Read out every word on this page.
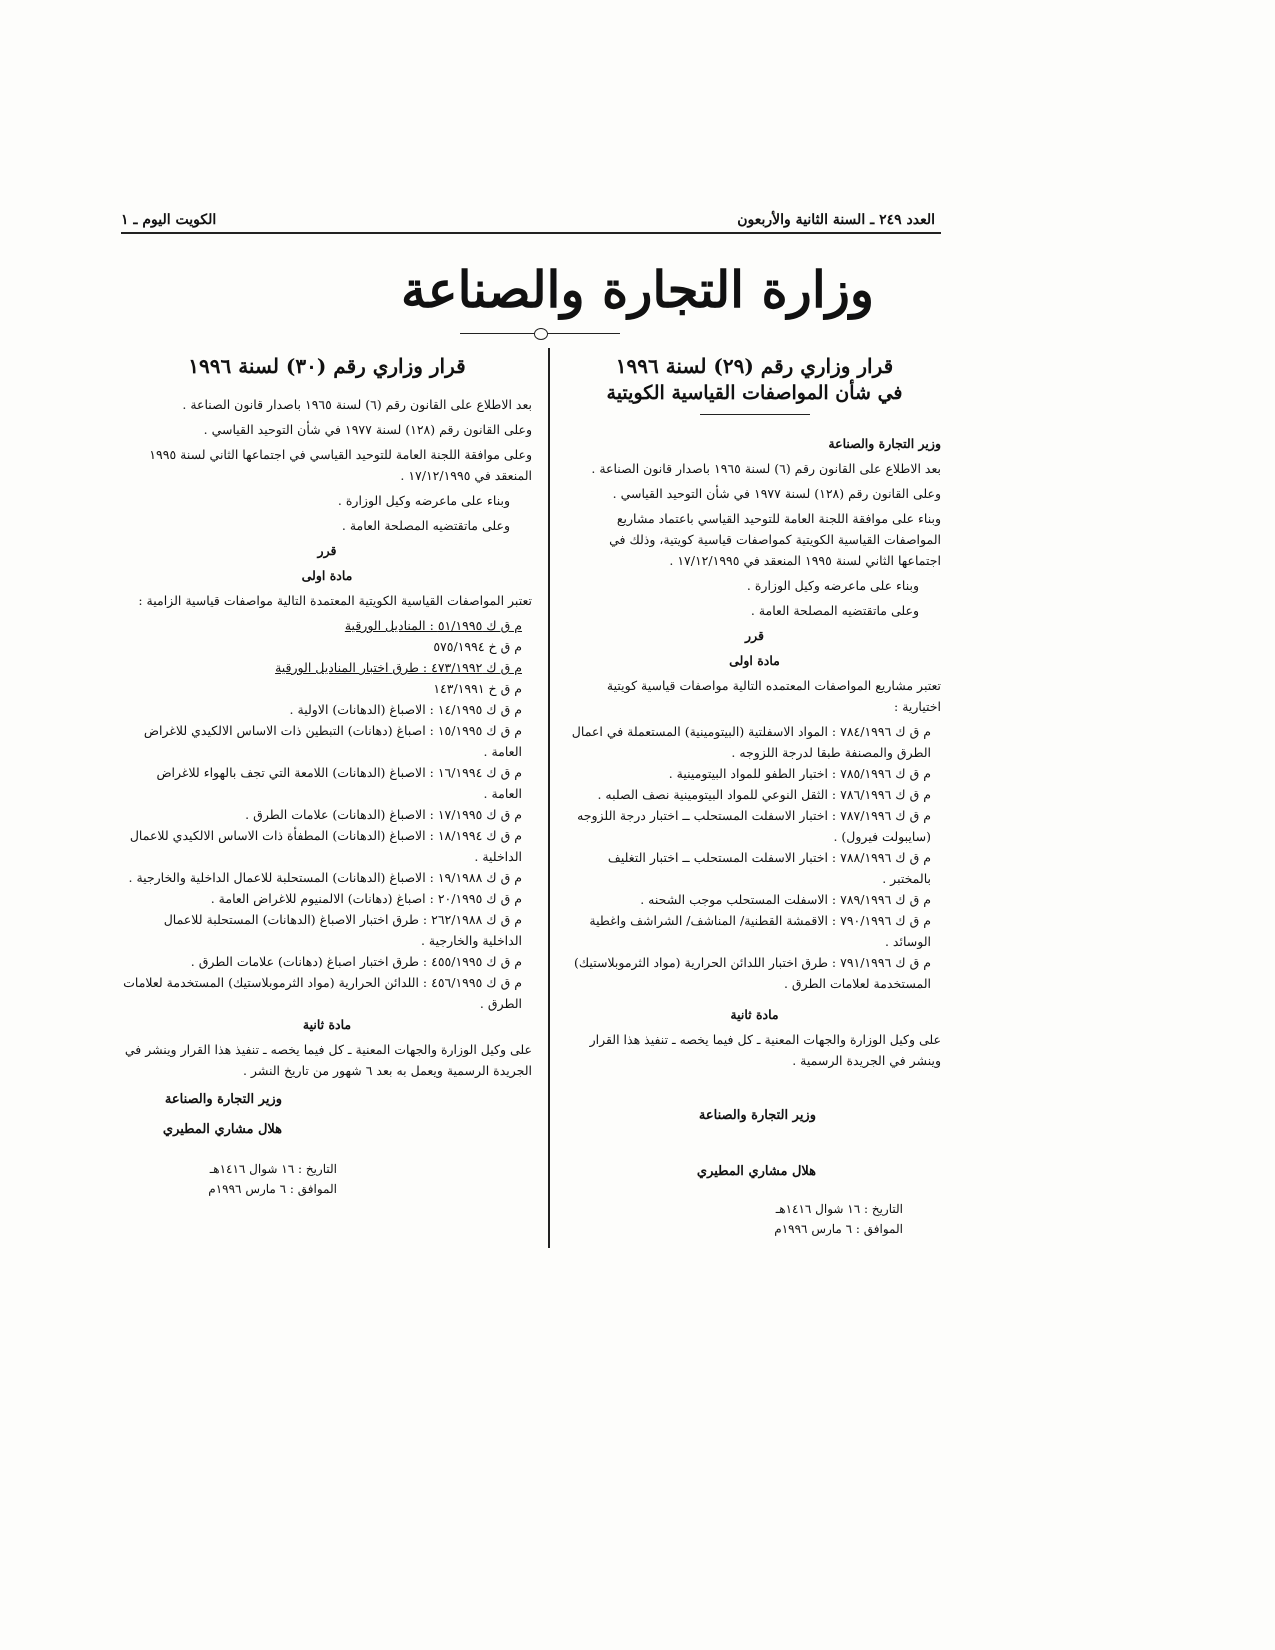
العدد ٢٤٩ ـ السنة الثانية والأربعون
الكويت اليوم ـ ١
وزارة التجارة والصناعة

قرار وزاري رقم (٢٩) لسنة ١٩٩٦

في شأن المواصفات القياسية الكويتية

وزير التجارة والصناعة

بعد الاطلاع على القانون رقم (٦) لسنة ١٩٦٥ باصدار قانون الصناعة .

وعلى القانون رقم (١٢٨) لسنة ١٩٧٧ في شأن التوحيد القياسي .

وبناء على موافقة اللجنة العامة للتوحيد القياسي باعتماد مشاريع المواصفات القياسية الكويتية كمواصفات قياسية كويتية، وذلك في اجتماعها الثاني لسنة ١٩٩٥ المنعقد في ١٧/١٢/١٩٩٥ .

وبناء على ماعرضه وكيل الوزارة .

وعلى ماتقتضيه المصلحة العامة .

قرر

مادة اولى

تعتبر مشاريع المواصفات المعتمده التالية مواصفات قياسية كويتية اختيارية :

م ق ك ٧٨٤/١٩٩٦ : المواد الاسفلتية (البيتومينية) المستعملة في اعمال الطرق والمصنفة طبقا لدرجة اللزوجه .

م ق ك ٧٨٥/١٩٩٦ : اختبار الطفو للمواد البيتومينية .

م ق ك ٧٨٦/١٩٩٦ : الثقل النوعي للمواد البيتومينية نصف الصلبه .

م ق ك ٧٨٧/١٩٩٦ : اختبار الاسفلت المستحلب ــ اختبار درجة اللزوجه (سايبولت فيرول) .

م ق ك ٧٨٨/١٩٩٦ : اختبار الاسفلت المستحلب ــ اختبار التغليف بالمختبر .

م ق ك ٧٨٩/١٩٩٦ : الاسفلت المستحلب موجب الشحنه .

م ق ك ٧٩٠/١٩٩٦ : الاقمشة القطنية/ المناشف/ الشراشف واغطية الوسائد .

م ق ك ٧٩١/١٩٩٦ : طرق اختبار اللدائن الحرارية (مواد الثرموبلاستيك) المستخدمة لعلامات الطرق .

مادة ثانية

على وكيل الوزارة والجهات المعنية ـ كل فيما يخصه ـ تنفيذ هذا القرار وينشر في الجريدة الرسمية .

وزير التجارة والصناعة

هلال مشاري المطيري

التاريخ : ١٦ شوال ١٤١٦هـ

الموافق : ٦ مارس ١٩٩٦م

قرار وزاري رقم (٣٠) لسنة ١٩٩٦

بعد الاطلاع على القانون رقم (٦) لسنة ١٩٦٥ باصدار قانون الصناعة .

وعلى القانون رقم (١٢٨) لسنة ١٩٧٧ في شأن التوحيد القياسي .

وعلى موافقة اللجنة العامة للتوحيد القياسي في اجتماعها الثاني لسنة ١٩٩٥ المنعقد في ١٧/١٢/١٩٩٥ .

وبناء على ماعرضه وكيل الوزارة .

وعلى ماتقتضيه المصلحة العامة .

قرر

مادة اولى

تعتبر المواصفات القياسية الكويتية المعتمدة التالية مواصفات قياسية الزامية :

م ق ك ٥١/١٩٩٥ : المناديل الورقية

م ق خ ٥٧٥/١٩٩٤

م ق ك ٤٧٣/١٩٩٢ : طرق اختبار المناديل الورقية

م ق خ ١٤٣/١٩٩١

م ق ك ١٤/١٩٩٥ : الاصباغ (الدهانات) الاولية .

م ق ك ١٥/١٩٩٥ : اصباغ (دهانات) التبطين ذات الاساس الالكيدي للاغراض العامة .

م ق ك ١٦/١٩٩٤ : الاصباغ (الدهانات) اللامعة التي تجف بالهواء للاغراض العامة .

م ق ك ١٧/١٩٩٥ : الاصباغ (الدهانات) علامات الطرق .

م ق ك ١٨/١٩٩٤ : الاصباغ (الدهانات) المطفأة ذات الاساس الالكيدي للاعمال الداخلية .

م ق ك ١٩/١٩٨٨ : الاصباغ (الدهانات) المستحلبة للاعمال الداخلية والخارجية .

م ق ك ٢٠/١٩٩٥ : اصباغ (دهانات) الالمنيوم للاغراض العامة .

م ق ك ٢٦٢/١٩٨٨ : طرق اختبار الاصباغ (الدهانات) المستحلبة للاعمال الداخلية والخارجية .

م ق ك ٤٥٥/١٩٩٥ : طرق اختبار اصباغ (دهانات) علامات الطرق .

م ق ك ٤٥٦/١٩٩٥ : اللدائن الحرارية (مواد الثرموبلاستيك) المستخدمة لعلامات الطرق .

مادة ثانية

على وكيل الوزارة والجهات المعنية ـ كل فيما يخصه ـ تنفيذ هذا القرار وينشر في الجريدة الرسمية ويعمل به بعد ٦ شهور من تاريخ النشر .

وزير التجارة والصناعة

هلال مشاري المطيري

التاريخ : ١٦ شوال ١٤١٦هـ

الموافق : ٦ مارس ١٩٩٦م
